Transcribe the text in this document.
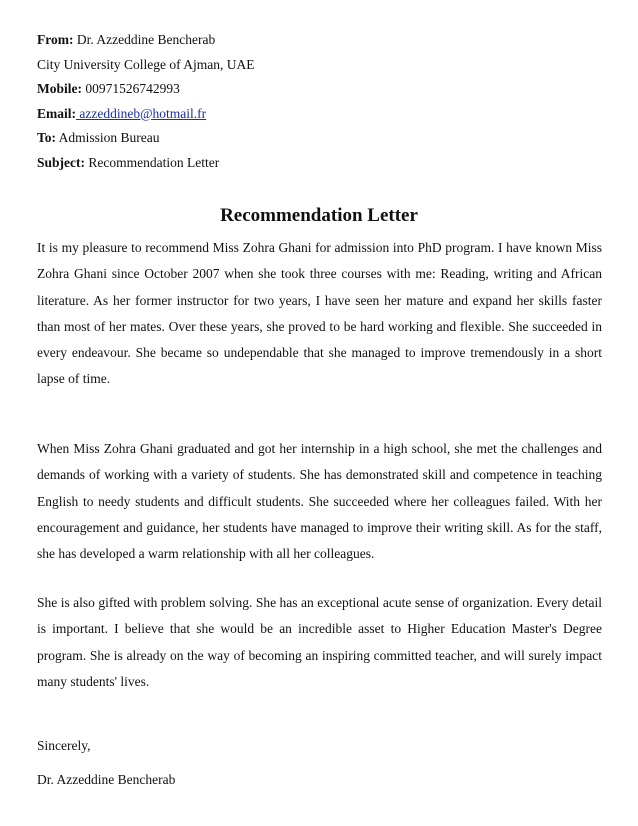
From: Dr. Azzeddine Bencherab
City University College of Ajman, UAE
Mobile: 00971526742993
Email: azzeddineb@hotmail.fr
To: Admission Bureau
Subject: Recommendation Letter
Recommendation Letter

It is my pleasure to recommend Miss Zohra Ghani for admission into PhD program. I have known Miss Zohra Ghani since October 2007 when she took three courses with me: Reading, writing and African literature. As her former instructor for two years, I have seen her mature and expand her skills faster than most of her mates. Over these years, she proved to be hard working and flexible. She succeeded in every endeavour. She became so undependable that she managed to improve tremendously in a short lapse of time.

When Miss Zohra Ghani graduated and got her internship in a high school, she met the challenges and demands of working with a variety of students. She has demonstrated skill and competence in teaching English to needy students and difficult students. She succeeded where her colleagues failed. With her encouragement and guidance, her students have managed to improve their writing skill. As for the staff, she has developed a warm relationship with all her colleagues.

She is also gifted with problem solving. She has an exceptional acute sense of organization. Every detail is important. I believe that she would be an incredible asset to Higher Education Master's Degree program. She is already on the way of becoming an inspiring committed teacher, and will surely impact many students' lives.

Sincerely,
Dr. Azzeddine Bencherab
